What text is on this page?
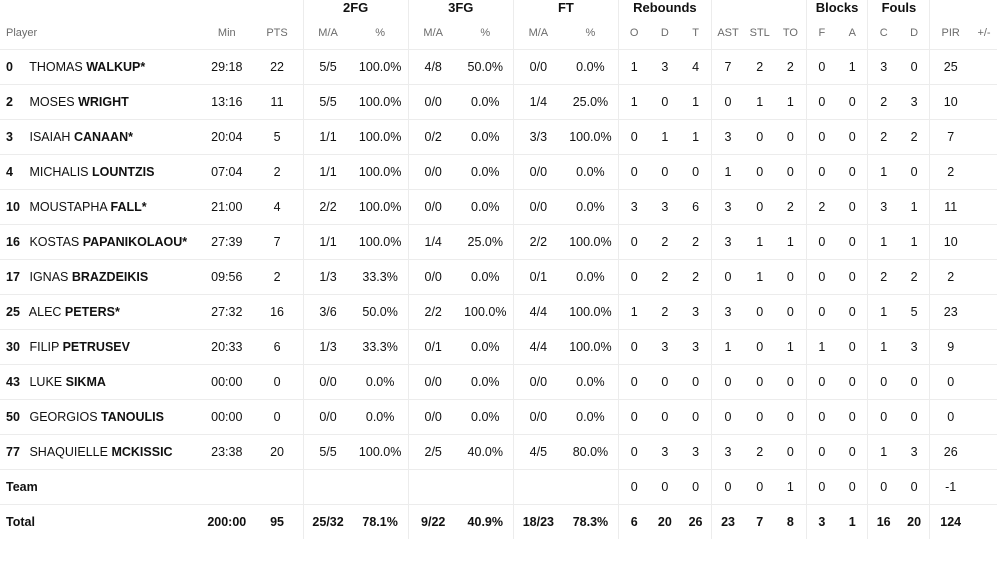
			2FG		3FG		FT		Rebounds						Blocks		Fouls			
Player	Min	PTS	M/A	%	M/A	%	M/A	%	O	D	T	AST	STL	TO	F	A	C	D	PIR	+/-
0 THOMAS WALKUP*	29:18	22	5/5	100.0%	4/8	50.0%	0/0	0.0%	1	3	4	7	2	2	0	1	3	0	25	
2 MOSES WRIGHT	13:16	11	5/5	100.0%	0/0	0.0%	1/4	25.0%	1	0	1	0	1	1	0	0	2	3	10	
3 ISAIAH CANAAN*	20:04	5	1/1	100.0%	0/2	0.0%	3/3	100.0%	0	1	1	3	0	0	0	0	2	2	7	
4 MICHALIS LOUNTZIS	07:04	2	1/1	100.0%	0/0	0.0%	0/0	0.0%	0	0	0	1	0	0	0	0	1	0	2	
10 MOUSTAPHA FALL*	21:00	4	2/2	100.0%	0/0	0.0%	0/0	0.0%	3	3	6	3	0	2	2	0	3	1	11	
16 KOSTAS PAPANIKOLAOU*	27:39	7	1/1	100.0%	1/4	25.0%	2/2	100.0%	0	2	2	3	1	1	0	0	1	1	10	
17 IGNAS BRAZDEIKIS	09:56	2	1/3	33.3%	0/0	0.0%	0/1	0.0%	0	2	2	0	1	0	0	0	2	2	2	
25 ALEC PETERS*	27:32	16	3/6	50.0%	2/2	100.0%	4/4	100.0%	1	2	3	3	0	0	0	0	1	5	23	
30 FILIP PETRUSEV	20:33	6	1/3	33.3%	0/1	0.0%	4/4	100.0%	0	3	3	1	0	1	1	0	1	3	9	
43 LUKE SIKMA	00:00	0	0/0	0.0%	0/0	0.0%	0/0	0.0%	0	0	0	0	0	0	0	0	0	0	0	
50 GEORGIOS TANOULIS	00:00	0	0/0	0.0%	0/0	0.0%	0/0	0.0%	0	0	0	0	0	0	0	0	0	0	0	
77 SHAQUIELLE MCKISSIC	23:38	20	5/5	100.0%	2/5	40.0%	4/5	80.0%	0	3	3	3	2	0	0	0	1	3	26	
Team									0	0	0	0	0	1	0	0	0	0	-1	
Total	200:00	95	25/32	78.1%	9/22	40.9%	18/23	78.3%	6	20	26	23	7	8	3	1	16	20	124	
